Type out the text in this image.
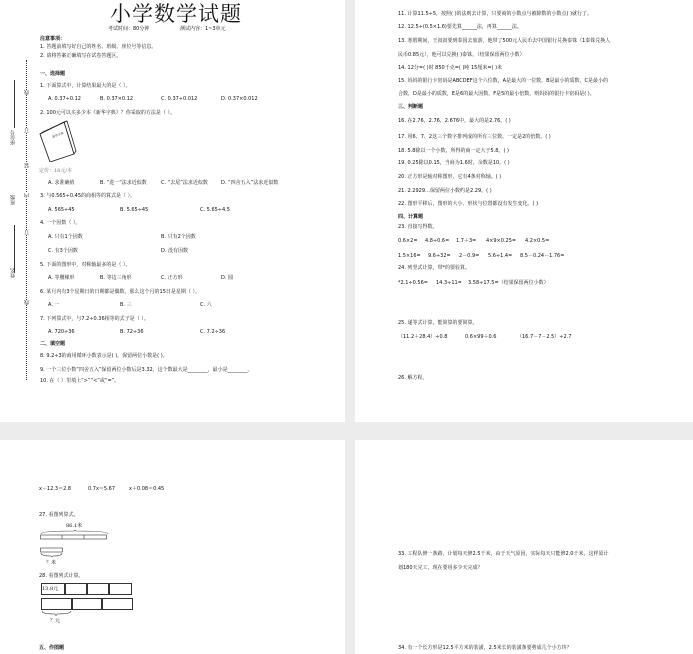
座位号
班级
姓名
线
订
装
内
订
线
小学数学试题
考试时间：80分钟	测试内容：1~3单元
注意事项：
1. 答题前填写好自己的姓名、班级、座位号等信息。
2. 请将答案正确填写在试卷答题区。
一、选择题
1. 下面算式中，计算结果最大的是（ ）。
A. 0.37÷0.12	B. 0.37×0.12	C. 0.37÷0.012	D. 0.37×0.012
2. 100元可以买多少本《新华字典》？你采取的方法是（ ）。
新华字典
定价：18元/本
A. 求准确值	B. “进一”法求近似数	C. “去尾”法求近似数	D. “四舍五入”法求近似数
3. 与0.565÷0.45的商相等的算式是（ ）。
A. 565÷45	B. 5.65÷45	C. 5.65÷4.5
4. 一个因数（ ）。
A. 只有1个因数	B. 只有2个因数
C. 有3个因数	D. 没有因数
5. 下面的图形中，对称轴最多的是（ ）。
A. 等腰梯形	B. 等边三角形	C. 正方形	D. 圆
6. 某月内有3个星期日的日期都是偶数，那么这个月的15日是星期（ ）。
A. 一	B. 三	C. 六
7. 下列算式中，与7.2÷0.36相等的式子是（ ）。
A. 720÷36	B. 72÷36	C. 7.2÷36
二、填空题
8. 9.2÷3的商用循环小数表示是( )，保留两位小数是( )。
9. 一个三位小数“四舍五入”保留两位小数后是3.32，这个数最大是________，最小是________。
10. 在（ ）里填上“>”“<”或“=”。
11. 计算11.5÷5，按照( )的法则去计算，只要商的小数点与被除数的小数点( )就行了。
12. 12.5÷(0.5×1.6)要先算______法，再算______法。
13. 寒假期间，王叔叔要到泰国去旅游，他带了500元人民币去中国银行兑换泰铢（1泰铢兑换人
民币0.85元），他可以兑换( )泰铢。（结果保留两位小数）
14. 12分=( )时 850千克=( )吨 15厘米=( )米
15. 妈妈的银行卡密码是ABCDEF这个六位数，A是最大的一位数，B是最小的质数，C是最小的
合数，D是最小的质数，E是6的最大因数，F是5的最小倍数，则妈妈的银行卡密码是( )。
三、判断题
16. 在2.76、2.7̇6̇、2.676中，最大的是2.76。( )
17. 用6、7、2这三个数字排列成的所有三位数，一定是2的倍数。( )
18. 5.8除以一个小数，所得的商一定大于5.8。( )
19. 0.25除以0.15，当商为1.6时，余数是10。( )
20. 正方形是轴对称图形，它有4条对称轴。( )
21. 2.2929…保留两位小数约是2.29。( )
22. 图形平移后，图形的大小、形状与位置都没有发生变化。( )
四、计算题
23. 直接写得数。
0.6×2= 4.8÷0.6= 1.7＋3= 4×9×0.25= 4.2×0.5=
1.5×16= 9.6÷32= 2－0.9= 5.6÷1.4= 8.5－0.24－1.76=
24. 列竖式计算，带*的要验算。
*2.1÷0.56= 14.3÷11= 3.58÷17.5=（结果保留两位小数）
25. 递等式计算，能简算的要简算。
（11.2＋28.4）÷0.8	0.6×99＋0.6	（16.7－7－2.5）÷2.7
26. 解方程。
x－12.3＝2.8	0.7x＝5.67	x＋0.08＝0.45
27. 看图列算式。
86.1米
？米
28. 看图列式计算。
13.8元
？元
五、作图题
33. 工程队修一条路，计划每天修2.5千米，由于天气原因，实际每天只能修2.0千米，这样原计
划180天完工，现在要用多少天完成？
34. 有一个长方形是12.5平方米的装潢，2.5米长的装潢条要剪成几个小方块？
